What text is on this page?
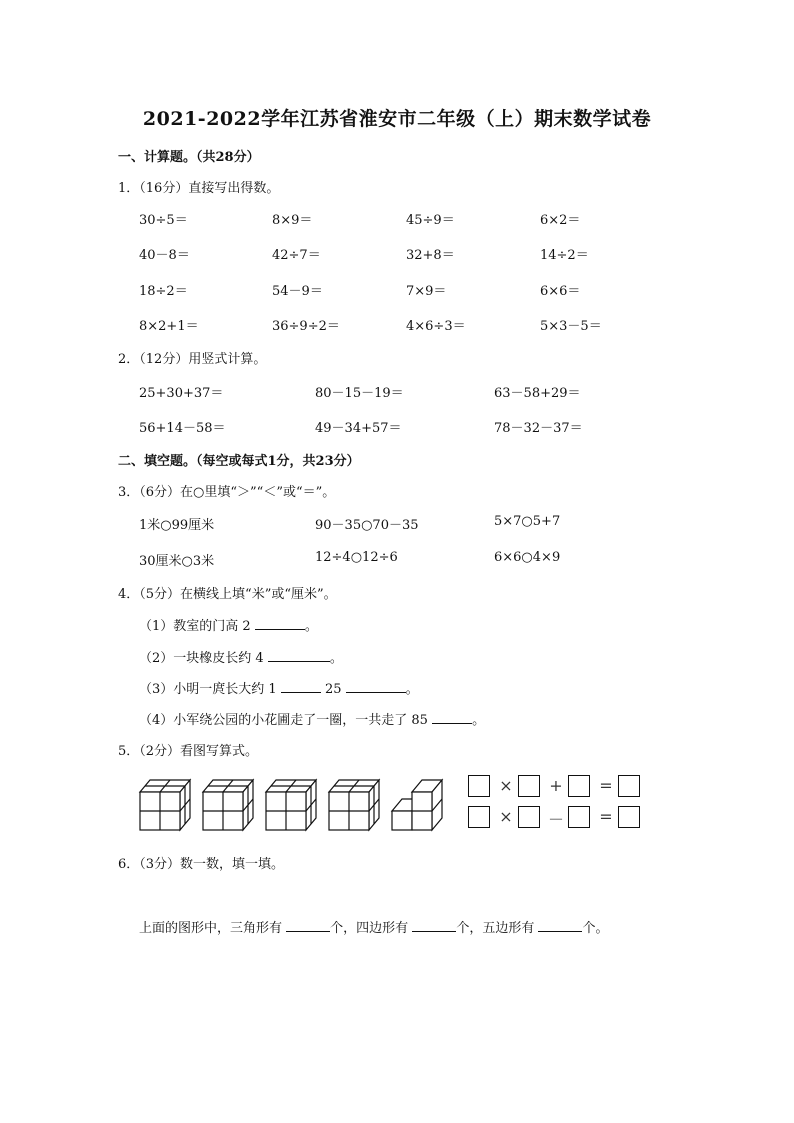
2021-2022学年江苏省淮安市二年级（上）期末数学试卷
一、计算题。（共28分）
1．（16分）直接写出得数。
30÷5＝	8×9＝	45÷9＝	6×2＝
40－8＝	42÷7＝	32+8＝	14÷2＝
18÷2＝	54－9＝	7×9＝	6×6＝
8×2+1＝	36÷9÷2＝	4×6÷3＝	5×3－5＝
2．（12分）用竖式计算。
25+30+37＝	80－15－19＝	63－58+29＝
56+14－58＝	49－34+57＝	78－32－37＝
二、填空题。（每空或每式1分，共23分）
3．（6分）在○里填“＞”“＜”或“＝”。
1米○99厘米	90－35○70－35	5×7○5+7
30厘米○3米	12÷4○12÷6	6×6○4×9
4．（5分）在横线上填“米”或“厘米”。
（1）教室的门高 2	。
（2）一块橡皮长约 4	。
（3）小明一庹长大约 1	25	。
（4）小军绕公园的小花圃走了一圈，一共走了 85	。
5．（2分）看图写算式。
× + =
× － =
6．（3分）数一数，填一填。
上面的图形中，三角形有	个，四边形有	个，五边形有	个。
